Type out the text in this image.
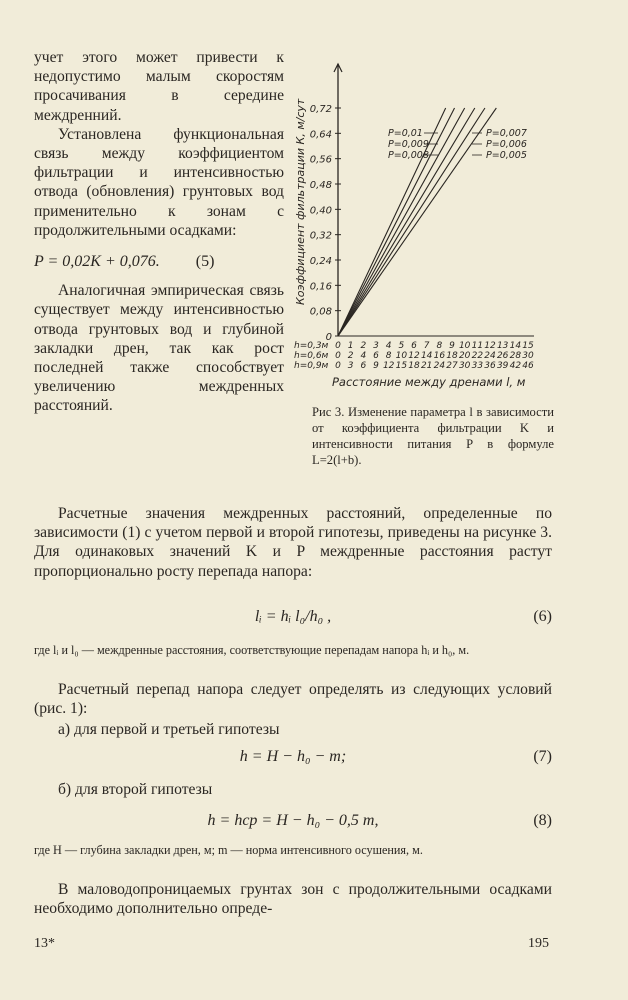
учет этого может привести к недопустимо малым скоростям просачивания в середине междренний.

Установлена функциональная связь между коэффициентом фильтрации и интенсивностью отвода (обновления) грунтовых вод применительно к зонам с продолжительными осадками:

P = 0,02K + 0,076. (5)

Аналогичная эмпирическая связь существует между интенсивностью отвода грунтовых вод и глубиной закладки дрен, так как рост последней также способствует увеличению междренных расстояний.

0
0,08
0,16
0,24
0,32
0,40
0,48
0,56
0,64
0,72
P=0,01
P=0,009
P=0,008
P=0,007
P=0,006
P=0,005
h=0,3м 0 1 2 3 4 5 6 7 8 9 10 11 12 13 14 15
h=0,6м 0 2 4 6 8 10 12 14 16 18 20 22 24 26 28 30
h=0,9м 0 3 6 9 12 15 18 21 24 27 30 33 36 39 42 46
Коэффициент фильтрации К, м/сут
Расстояние между дренами l, м
Рис 3. Изменение параметра l в зависимости от коэффициента фильтрации K и интенсивности питания P в формуле L=2(l+b).

Расчетные значения междренных расстояний, определенные по зависимости (1) с учетом первой и второй гипотезы, приведены на рисунке 3. Для одинаковых значений K и P междренные расстояния растут пропорционально росту перепада напора:

lᵢ = hᵢ l₀/h₀ ,	(6)
где lᵢ и l₀ — междренные расстояния, соответствующие перепадам напора hᵢ и h₀, м.

Расчетный перепад напора следует определять из следующих условий (рис. 1):

а) для первой и третьей гипотезы

h = H − h₀ − m;	(7)

б) для второй гипотезы

h = hср = H − h₀ − 0,5 m,	(8)
где H — глубина закладки дрен, м; m — норма интенсивного осушения, м.

В маловодопроницаемых грунтах зон с продолжительными осадками необходимо дополнительно опреде-

13*	195
